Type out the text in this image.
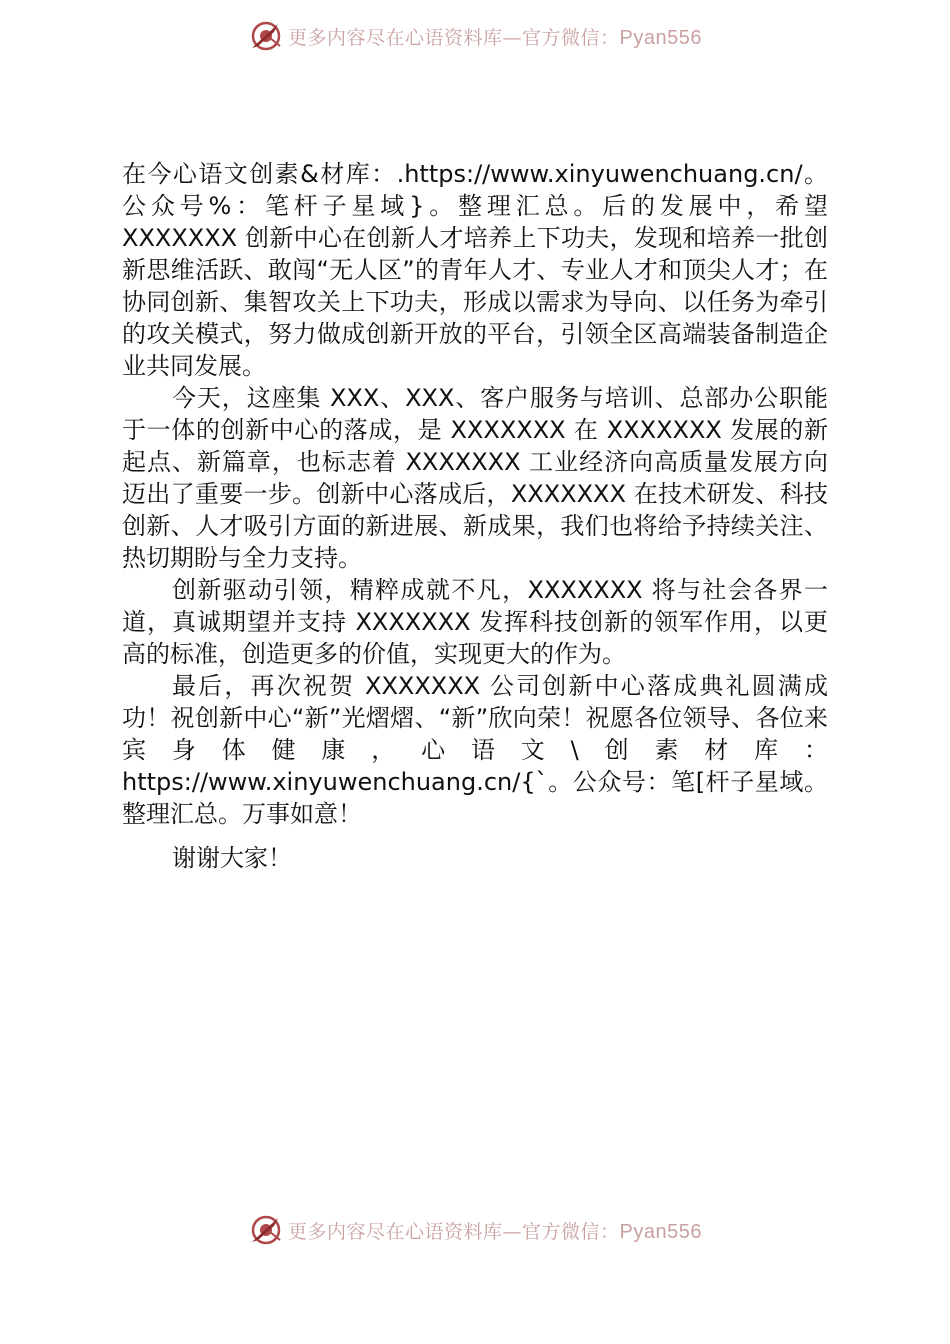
更多内容尽在心语资料库—官方微信：Pyan556

在今心语文创素&材库：.https://www.xinyuwenchuang.cn/。公众号%：笔杆子星域}。整理汇总。后的发展中，希望 XXXXXXX 创新中心在创新人才培养上下功夫，发现和培养一批创新思维活跃、敢闯“无人区”的青年人才、专业人才和顶尖人才；在协同创新、集智攻关上下功夫，形成以需求为导向、以任务为牵引的攻关模式，努力做成创新开放的平台，引领全区高端装备制造企业共同发展。

今天，这座集 XXX、XXX、客户服务与培训、总部办公职能于一体的创新中心的落成，是 XXXXXXX 在 XXXXXXX 发展的新起点、新篇章，也标志着 XXXXXXX 工业经济向高质量发展方向迈出了重要一步。创新中心落成后，XXXXXXX 在技术研发、科技创新、人才吸引方面的新进展、新成果，我们也将给予持续关注、热切期盼与全力支持。

创新驱动引领，精粹成就不凡，XXXXXXX 将与社会各界一道，真诚期望并支持 XXXXXXX 发挥科技创新的领军作用，以更高的标准，创造更多的价值，实现更大的作为。

最后，再次祝贺 XXXXXXX 公司创新中心落成典礼圆满成功！祝创新中心“新”光熠熠、“新”欣向荣！祝愿各位领导、各位来宾身体健康，心语文\创素材库：https://www.xinyuwenchuang.cn/{`。公众号：笔[杆子星域。整理汇总。万事如意！

谢谢大家！

更多内容尽在心语资料库—官方微信：Pyan556
